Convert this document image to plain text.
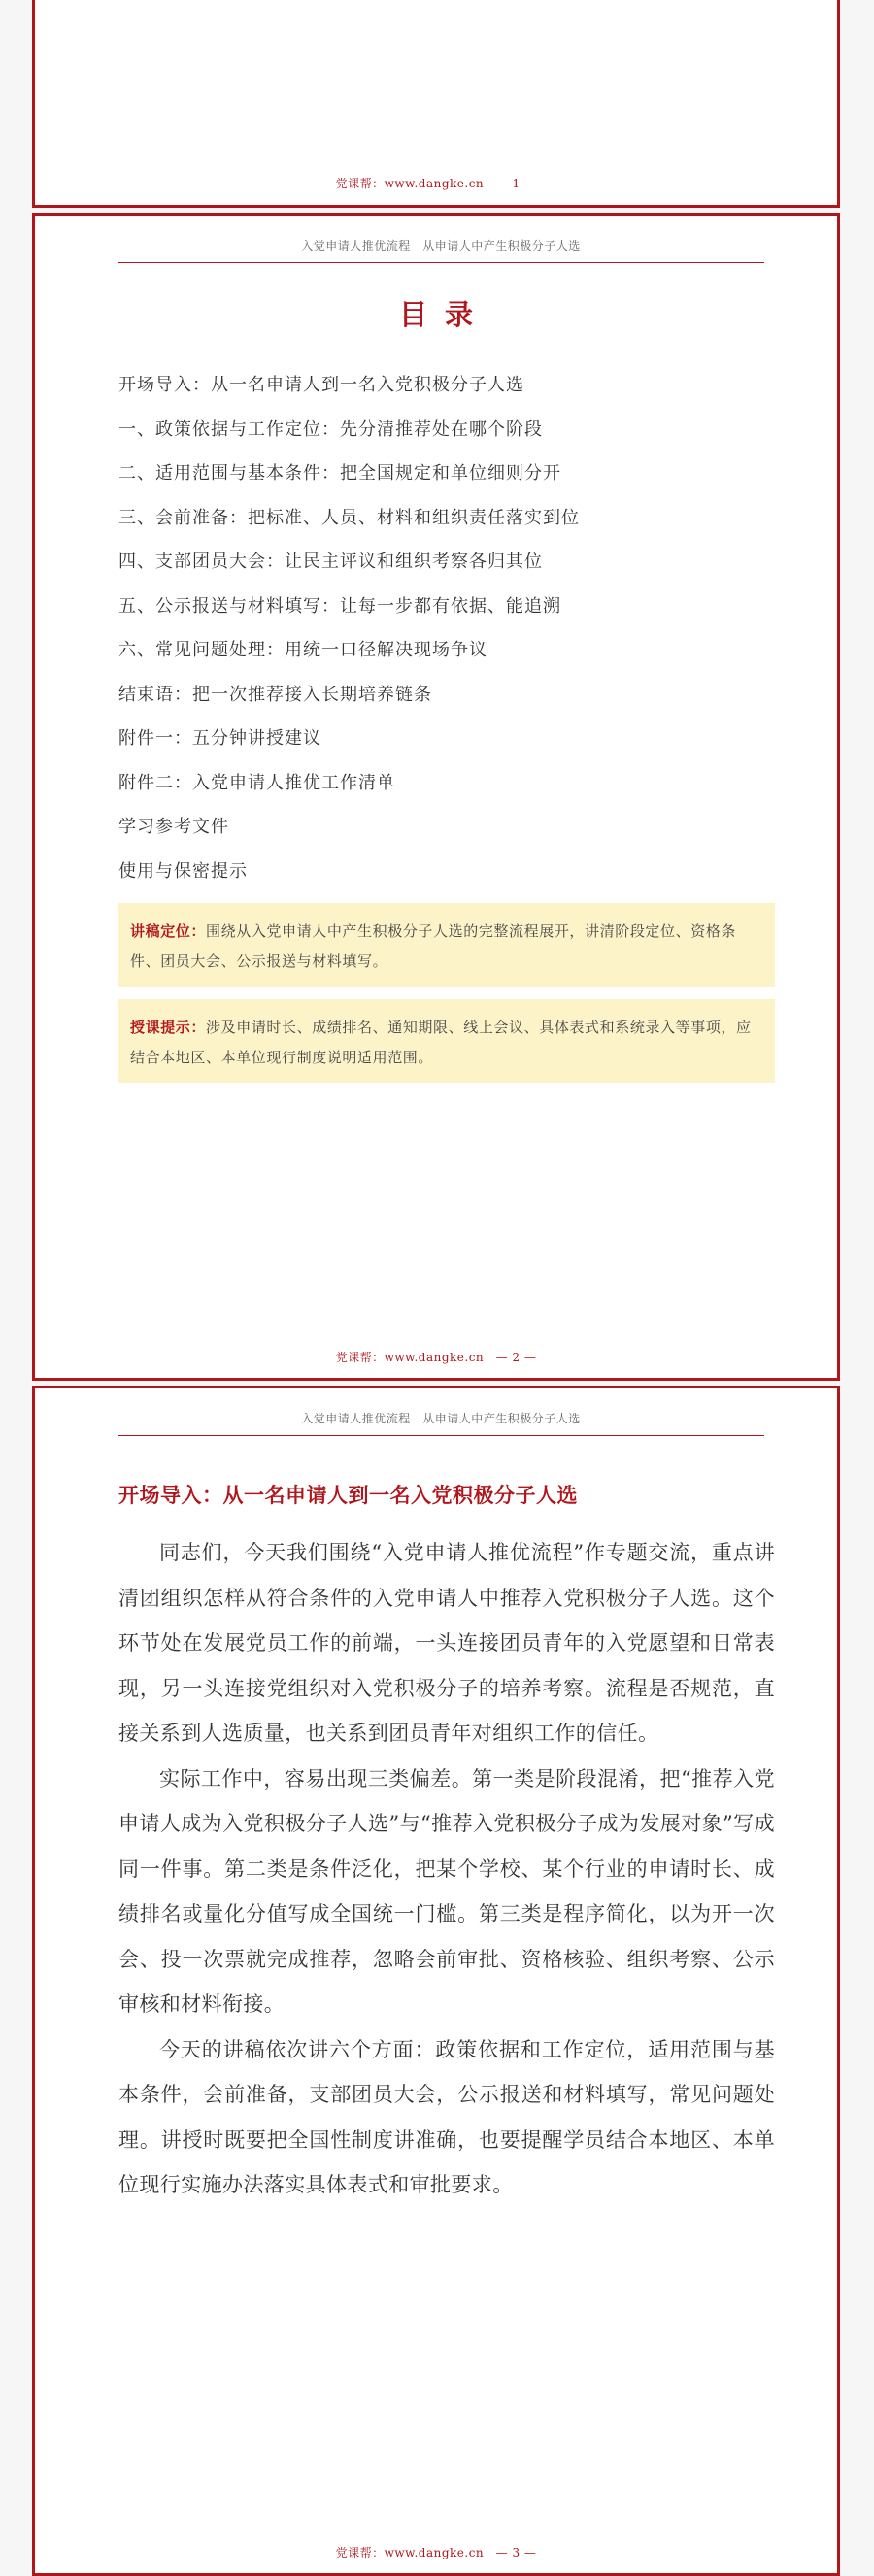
党课帮：www.dangke.cn　— 1 —
入党申请人推优流程　从申请人中产生积极分子人选
目录
开场导入：从一名申请人到一名入党积极分子人选
一、政策依据与工作定位：先分清推荐处在哪个阶段
二、适用范围与基本条件：把全国规定和单位细则分开
三、会前准备：把标准、人员、材料和组织责任落实到位
四、支部团员大会：让民主评议和组织考察各归其位
五、公示报送与材料填写：让每一步都有依据、能追溯
六、常见问题处理：用统一口径解决现场争议
结束语：把一次推荐接入长期培养链条
附件一：五分钟讲授建议
附件二：入党申请人推优工作清单
学习参考文件
使用与保密提示
讲稿定位：围绕从入党申请人中产生积极分子人选的完整流程展开，讲清阶段定位、资格条件、团员大会、公示报送与材料填写。
授课提示：涉及申请时长、成绩排名、通知期限、线上会议、具体表式和系统录入等事项，应结合本地区、本单位现行制度说明适用范围。
党课帮：www.dangke.cn　— 2 —
入党申请人推优流程　从申请人中产生积极分子人选
开场导入：从一名申请人到一名入党积极分子人选

同志们，今天我们围绕“入党申请人推优流程”作专题交流，重点讲清团组织怎样从符合条件的入党申请人中推荐入党积极分子人选。这个环节处在发展党员工作的前端，一头连接团员青年的入党愿望和日常表现，另一头连接党组织对入党积极分子的培养考察。流程是否规范，直接关系到人选质量，也关系到团员青年对组织工作的信任。

实际工作中，容易出现三类偏差。第一类是阶段混淆，把“推荐入党申请人成为入党积极分子人选”与“推荐入党积极分子成为发展对象”写成同一件事。第二类是条件泛化，把某个学校、某个行业的申请时长、成绩排名或量化分值写成全国统一门槛。第三类是程序简化，以为开一次会、投一次票就完成推荐，忽略会前审批、资格核验、组织考察、公示审核和材料衔接。

今天的讲稿依次讲六个方面：政策依据和工作定位，适用范围与基本条件，会前准备，支部团员大会，公示报送和材料填写，常见问题处理。讲授时既要把全国性制度讲准确，也要提醒学员结合本地区、本单位现行实施办法落实具体表式和审批要求。

党课帮：www.dangke.cn　— 3 —
